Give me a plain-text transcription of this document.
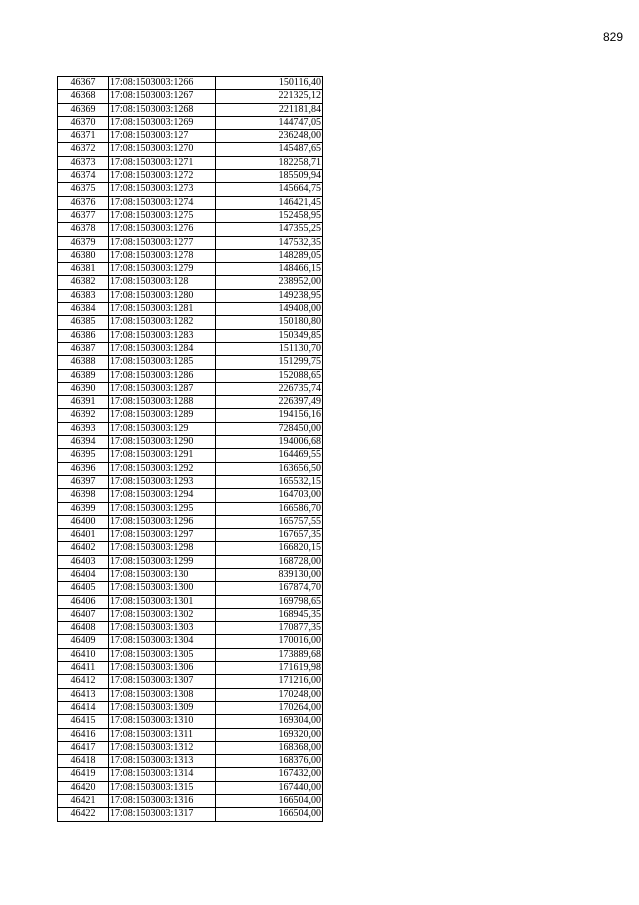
829
46367	17:08:1503003:1266	150116,40
46368	17:08:1503003:1267	221325,12
46369	17:08:1503003:1268	221181,84
46370	17:08:1503003:1269	144747,05
46371	17:08:1503003:127	236248,00
46372	17:08:1503003:1270	145487,65
46373	17:08:1503003:1271	182258,71
46374	17:08:1503003:1272	185509,94
46375	17:08:1503003:1273	145664,75
46376	17:08:1503003:1274	146421,45
46377	17:08:1503003:1275	152458,95
46378	17:08:1503003:1276	147355,25
46379	17:08:1503003:1277	147532,35
46380	17:08:1503003:1278	148289,05
46381	17:08:1503003:1279	148466,15
46382	17:08:1503003:128	238952,00
46383	17:08:1503003:1280	149238,95
46384	17:08:1503003:1281	149408,00
46385	17:08:1503003:1282	150180,80
46386	17:08:1503003:1283	150349,85
46387	17:08:1503003:1284	151130,70
46388	17:08:1503003:1285	151299,75
46389	17:08:1503003:1286	152088,65
46390	17:08:1503003:1287	226735,74
46391	17:08:1503003:1288	226397,49
46392	17:08:1503003:1289	194156,16
46393	17:08:1503003:129	728450,00
46394	17:08:1503003:1290	194006,68
46395	17:08:1503003:1291	164469,55
46396	17:08:1503003:1292	163656,50
46397	17:08:1503003:1293	165532,15
46398	17:08:1503003:1294	164703,00
46399	17:08:1503003:1295	166586,70
46400	17:08:1503003:1296	165757,55
46401	17:08:1503003:1297	167657,35
46402	17:08:1503003:1298	166820,15
46403	17:08:1503003:1299	168728,00
46404	17:08:1503003:130	839130,00
46405	17:08:1503003:1300	167874,70
46406	17:08:1503003:1301	169798,65
46407	17:08:1503003:1302	168945,35
46408	17:08:1503003:1303	170877,35
46409	17:08:1503003:1304	170016,00
46410	17:08:1503003:1305	173889,68
46411	17:08:1503003:1306	171619,98
46412	17:08:1503003:1307	171216,00
46413	17:08:1503003:1308	170248,00
46414	17:08:1503003:1309	170264,00
46415	17:08:1503003:1310	169304,00
46416	17:08:1503003:1311	169320,00
46417	17:08:1503003:1312	168368,00
46418	17:08:1503003:1313	168376,00
46419	17:08:1503003:1314	167432,00
46420	17:08:1503003:1315	167440,00
46421	17:08:1503003:1316	166504,00
46422	17:08:1503003:1317	166504,00
